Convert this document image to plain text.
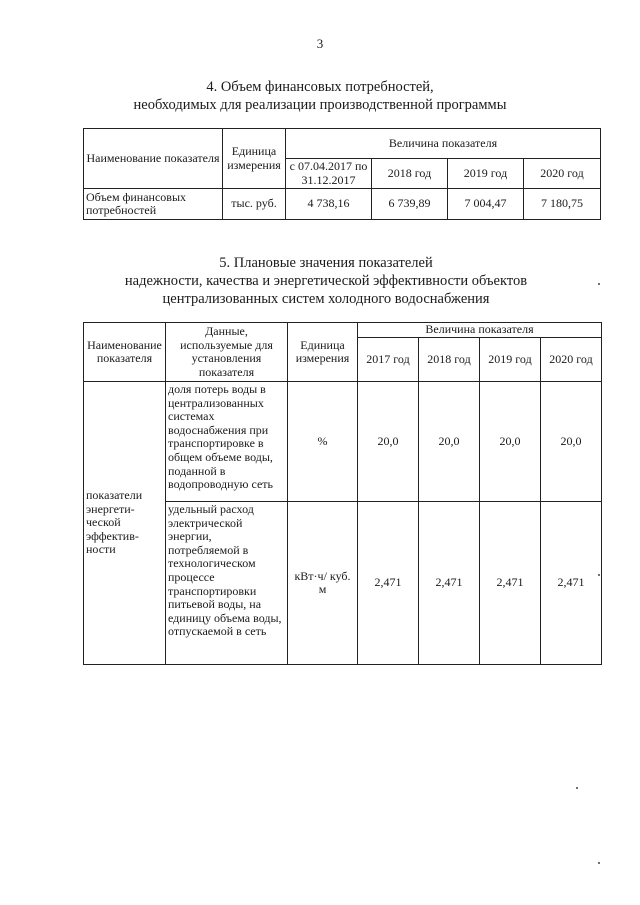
3
4. Объем финансовых потребностей,
необходимых для реализации производственной программы
Наименование показателя	Единица измерения	Величина показателя			
		с 07.04.2017 по 31.12.2017	2018 год	2019 год	2020 год
Объем финансовых потребностей	тыс. руб.	4 738,16	6 739,89	7 004,47	7 180,75
5. Плановые значения показателей
надежности, качества и энергетической эффективности объектов
централизованных систем холодного водоснабжения
Наименование показателя	Данные, используемые для установления показателя	Единица измерения	Величина показателя			
			2017 год	2018 год	2019 год	2020 год
показатели энергети-ческой эффектив-ности	доля потерь воды в централизованных системах водоснабжения при транспортировке в общем объеме воды, поданной в водопроводную сеть	%	20,0	20,0	20,0	20,0
	удельный расход электрической энергии, потребляемой в технологическом процессе транспортировки питьевой воды, на единицу объема воды, отпускаемой в сеть	кВт·ч/ куб. м	2,471	2,471	2,471	2,471
